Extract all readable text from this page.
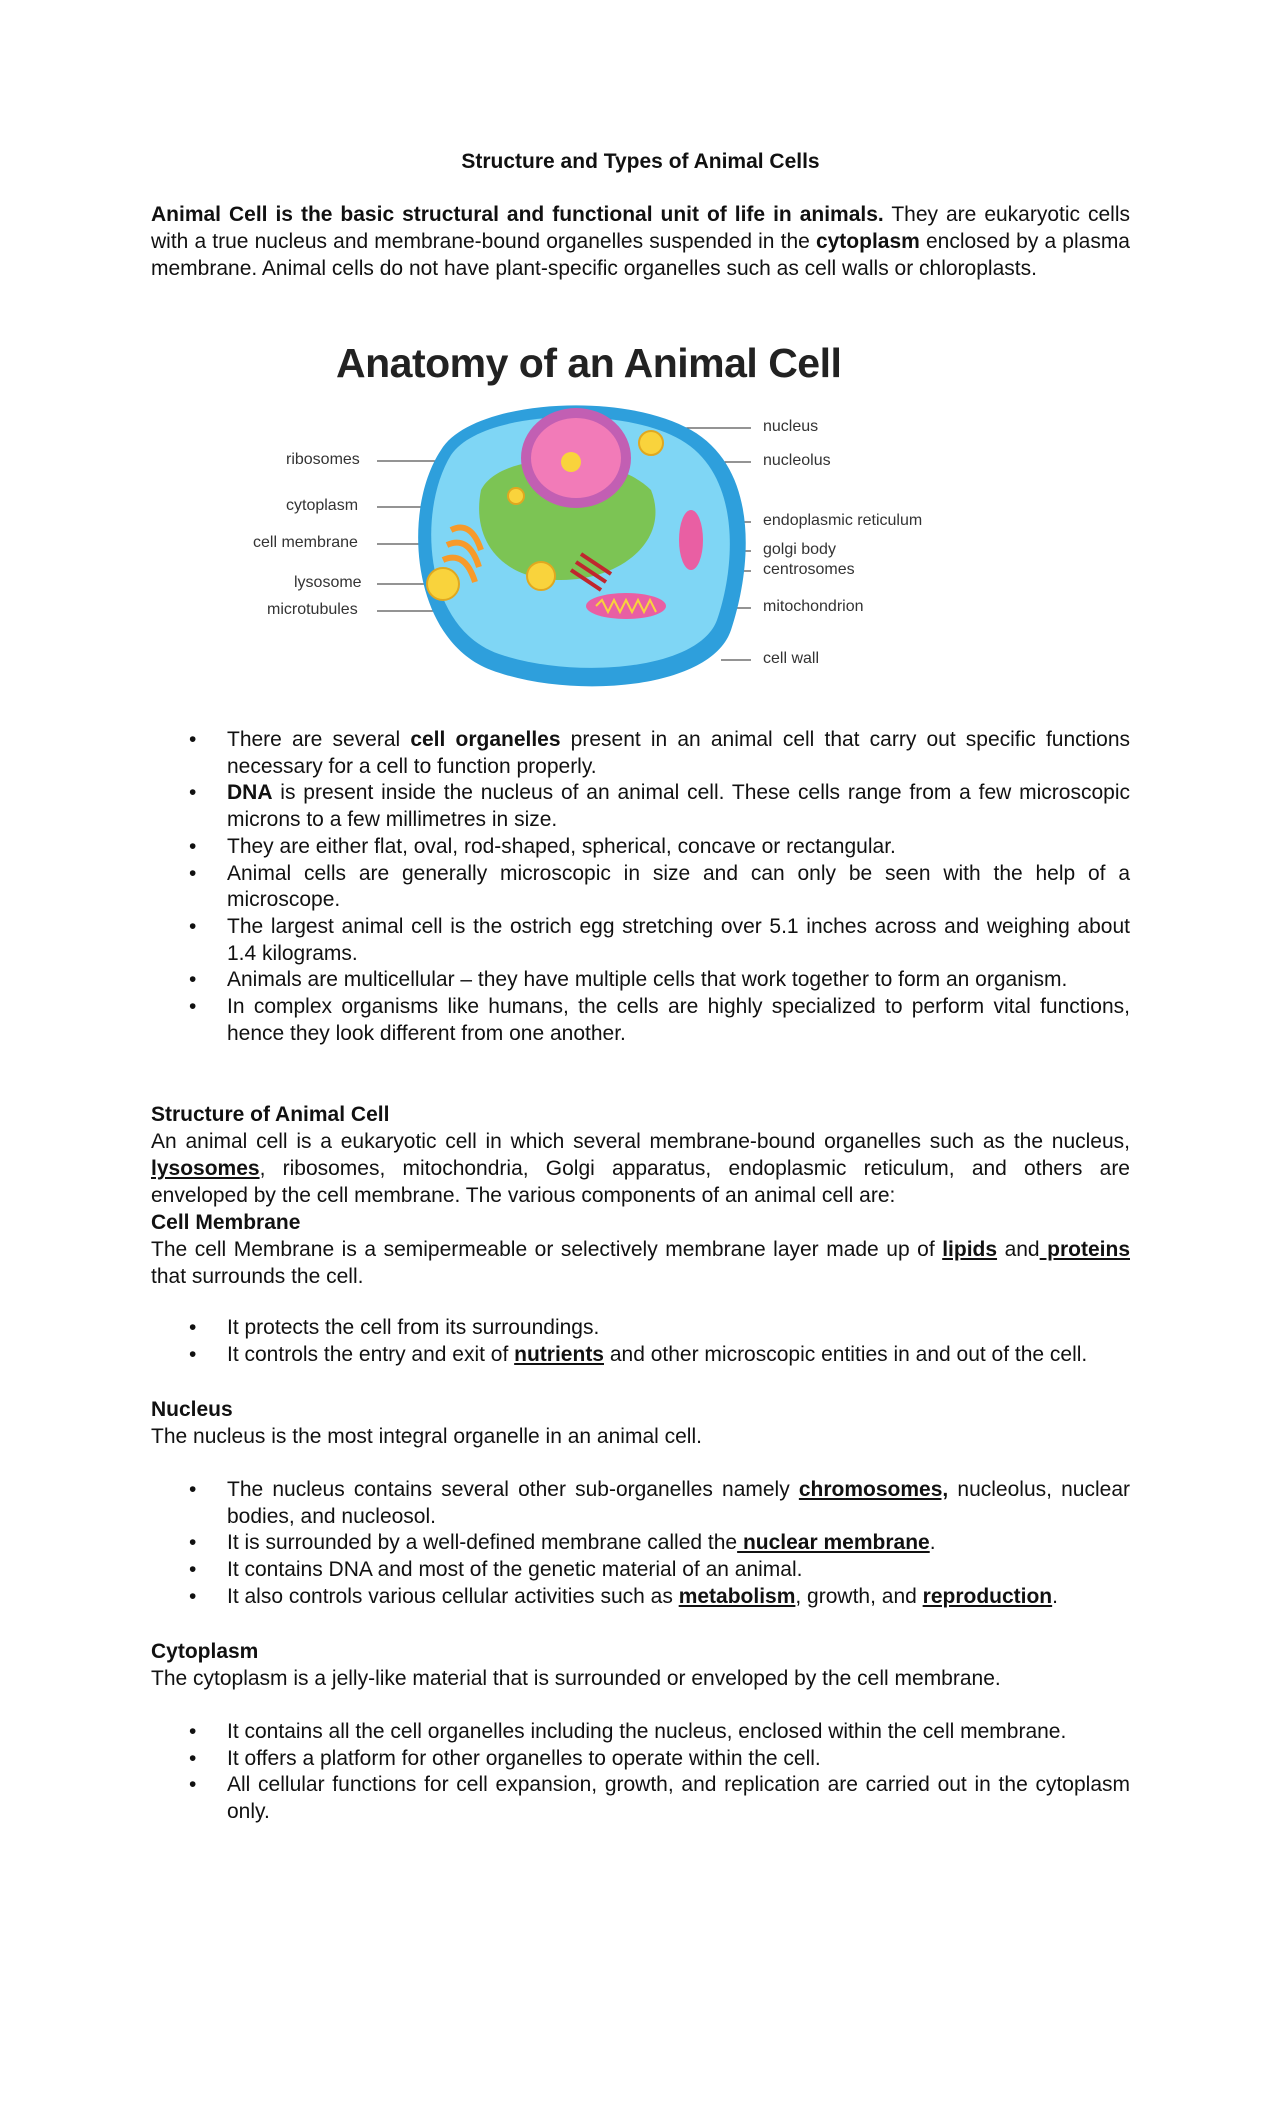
Structure and Types of Animal Cells

Animal Cell is the basic structural and functional unit of life in animals. They are eukaryotic cells with a true nucleus and membrane-bound organelles suspended in the cytoplasm enclosed by a plasma membrane. Animal cells do not have plant-specific organelles such as cell walls or chloroplasts.

Anatomy of an Animal Cell
ribosomes
cytoplasm
cell membrane
lysosome
microtubules
nucleus
nucleolus
endoplasmic reticulum
golgi body
centrosomes
mitochondrion
cell wall
• There are several cell organelles present in an animal cell that carry out specific functions necessary for a cell to function properly.
• DNA is present inside the nucleus of an animal cell. These cells range from a few microscopic microns to a few millimetres in size.
• They are either flat, oval, rod-shaped, spherical, concave or rectangular.
• Animal cells are generally microscopic in size and can only be seen with the help of a microscope.
• The largest animal cell is the ostrich egg stretching over 5.1 inches across and weighing about 1.4 kilograms.
• Animals are multicellular – they have multiple cells that work together to form an organism.
• In complex organisms like humans, the cells are highly specialized to perform vital functions, hence they look different from one another.

Structure of Animal Cell

An animal cell is a eukaryotic cell in which several membrane-bound organelles such as the nucleus, lysosomes, ribosomes, mitochondria, Golgi apparatus, endoplasmic reticulum, and others are enveloped by the cell membrane. The various components of an animal cell are:

Cell Membrane

The cell Membrane is a semipermeable or selectively membrane layer made up of lipids and proteins that surrounds the cell.

• It protects the cell from its surroundings.
• It controls the entry and exit of nutrients and other microscopic entities in and out of the cell.

Nucleus

The nucleus is the most integral organelle in an animal cell.

• The nucleus contains several other sub-organelles namely chromosomes, nucleolus, nuclear bodies, and nucleosol.
• It is surrounded by a well-defined membrane called the nuclear membrane.
• It contains DNA and most of the genetic material of an animal.
• It also controls various cellular activities such as metabolism, growth, and reproduction.

Cytoplasm

The cytoplasm is a jelly-like material that is surrounded or enveloped by the cell membrane.

• It contains all the cell organelles including the nucleus, enclosed within the cell membrane.
• It offers a platform for other organelles to operate within the cell.
• All cellular functions for cell expansion, growth, and replication are carried out in the cytoplasm only.
